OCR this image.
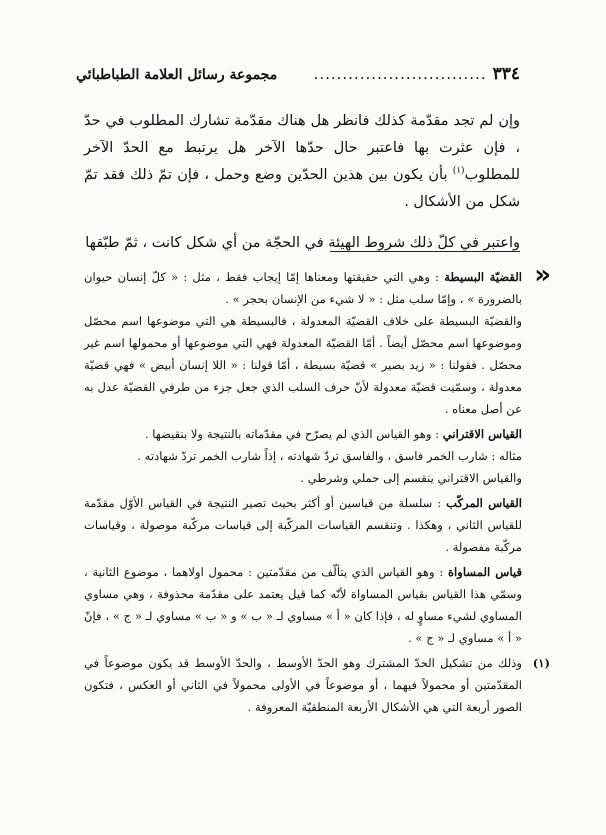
٣٣٤
..............................
مجموعة رسائل العلامة الطباطبائي

وإن لم تجد مقدّمة كذلك فانظر هل هناك مقدّمة تشارك المطلوب في حدّ ، فإن عثرت بها فاعتبر حال حدّها الآخر هل يرتبط مع الحدّ الآخر للمطلوب$^{(١)}$ بأن يكون بين هذين الحدّين وضع وحمل ، فإن تمّ ذلك فقد تمّ شكل من الأشكال .

واعتبر في كلّ ذلك شروط الهيئة في الحجّة من أي شكل كانت ، ثمّ طبّقها

«

القضيّة البسيطة : وهي التي حقيقتها ومعناها إمّا إيجاب فقط ، مثل : « كلّ إنسان حيوان بالضرورة » ، وإمّا سلب مثل : « لا شيء من الإنسان بحجر » .

والقضيّة البسيطة على خلاف القضيّة المعدولة ، فالبسيطة هي التي موضوعها اسم محصّل وموضوعها اسم محصّل أيضاً . أمّا القضيّة المعدولة فهي التي موضوعها أو محمولها اسم غير محصّل . فقولنا : « زيد بصير » قضيّة بسيطة ، أمّا قولنا : « اللا إنسان أبيض » فهي قضيّة معدولة ، وسمّيت قضيّة معدولة لأنّ حرف السلب الذي جعل جزء من طرفي القضيّة عدل به عن أصل معناه .

القياس الاقتراني : وهو القياس الذي لم يصرّح في مقدّماته بالنتيجة ولا بنقيضها .

مثاله : شارب الخمر فاسق ، والفاسق تردّ شهادته ، إذاً شارب الخمر تردّ شهادته .

والقياس الاقتراني ينقسم إلى حملي وشرطي .

القياس المركّب : سلسلة من قياسين أو أكثر بحيث تصير النتيجة في القياس الأوّل مقدّمة للقياس الثاني ، وهكذا . وتنقسم القياسات المركّبة إلى قياسات مركّبة موصولة ، وقياسات مركّبة مفصولة .

قياس المساواة : وهو القياس الذي يتألّف من مقدّمتين : محمول اولاهما ، موضوع الثانية ، وسمّي هذا القياس بقياس المساواة لأنّه كما قيل يعتمد على مقدّمة محذوفة ، وهي مساوي المساوي لشيء مساوٍ له ، فإذا كان « أ » مساوي لـ « ب » و « ب » مساوي لـ « ج » ، فإنّ « أ » مساوي لـ « ج » .

(١)
وذلك من تشكيل الحدّ المشترك وهو الحدّ الأوسط ، والحدّ الأوسط قد يكون موضوعاً في المقدّمتين أو محمولاً فيهما ، أو موضوعاً في الأولى محمولاً في الثاني أو العكس ، فتكون الصور أربعة التي هي الأشكال الأربعة المنطقيّة المعروفة .
